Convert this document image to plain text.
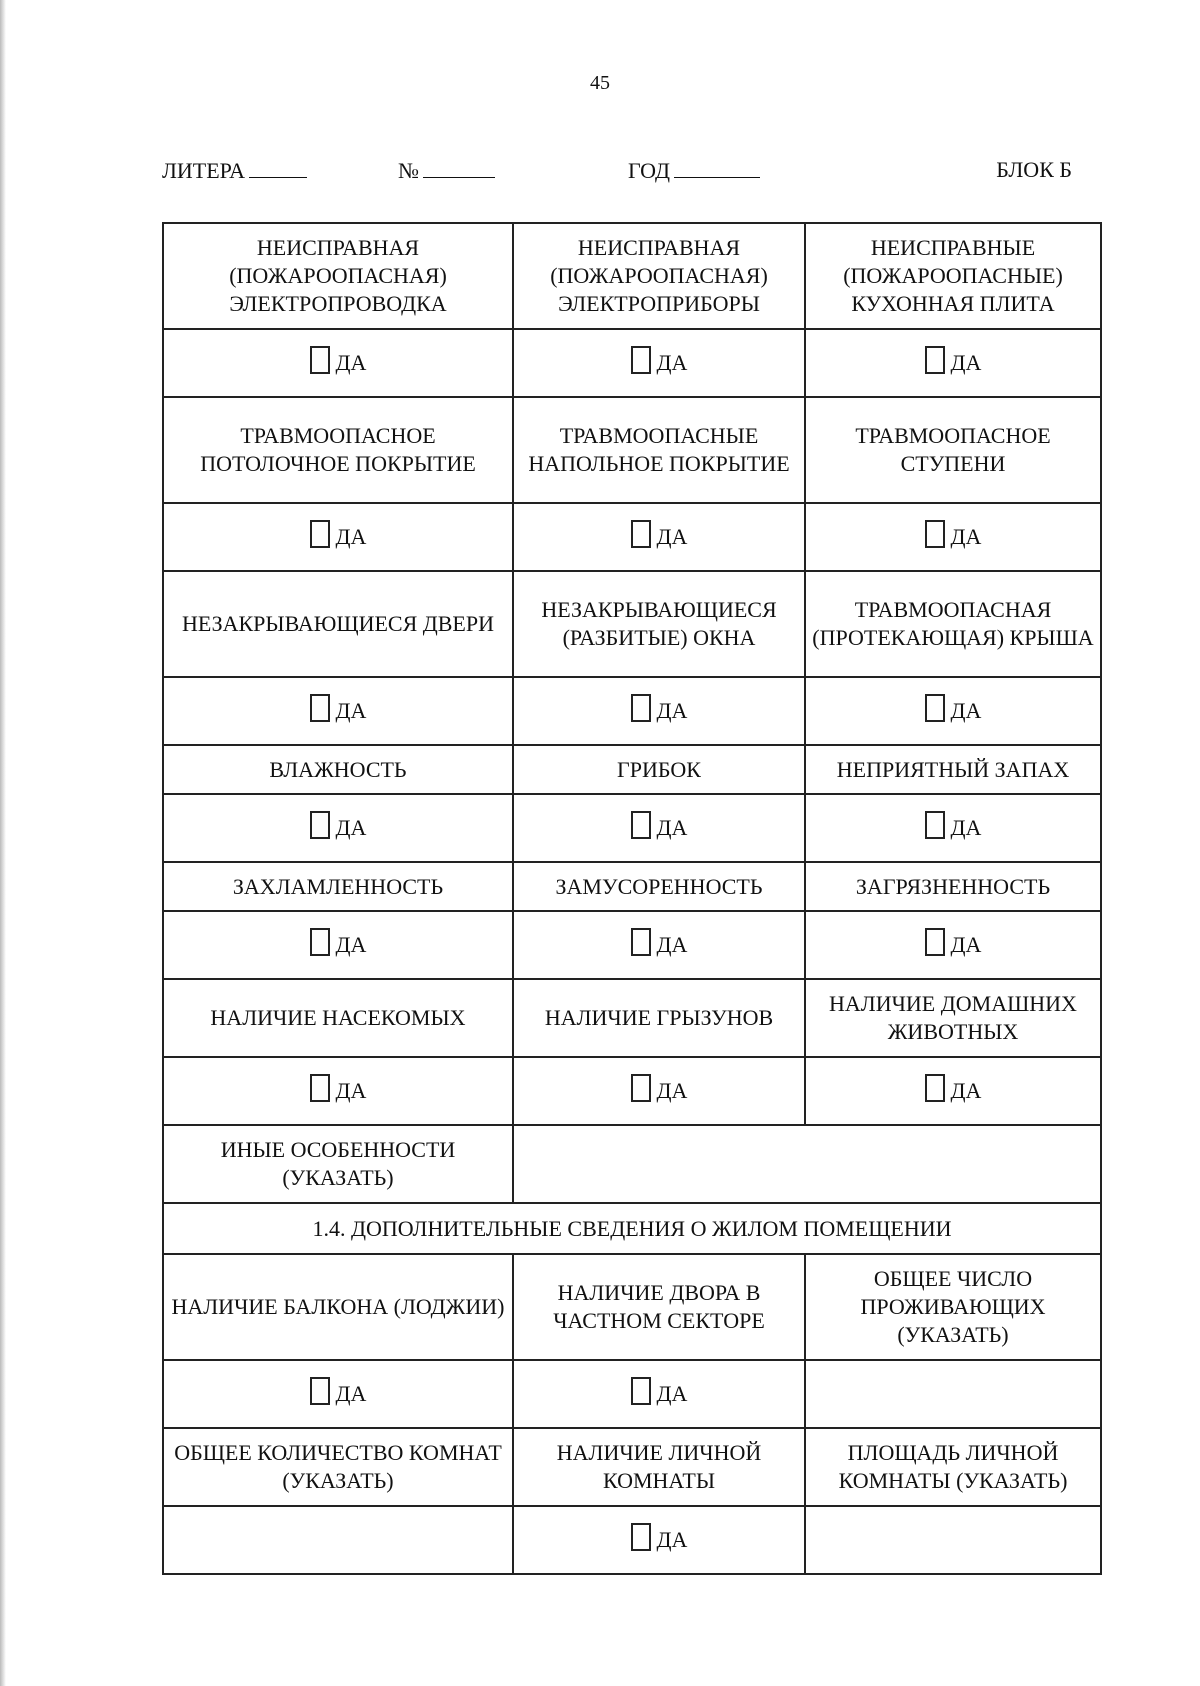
45
ЛИТЕРА	№	ГОД	БЛОК Б
НЕИСПРАВНАЯ (ПОЖАРООПАСНАЯ) ЭЛЕКТРОПРОВОДКА	НЕИСПРАВНАЯ (ПОЖАРООПАСНАЯ) ЭЛЕКТРОПРИБОРЫ	НЕИСПРАВНЫЕ (ПОЖАРООПАСНЫЕ) КУХОННАЯ ПЛИТА

ДА	ДА	ДА

ТРАВМООПАСНОЕ ПОТОЛОЧНОЕ ПОКРЫТИЕ	ТРАВМООПАСНЫЕ НАПОЛЬНОЕ ПОКРЫТИЕ	ТРАВМООПАСНОЕ СТУПЕНИ

ДА	ДА	ДА

НЕЗАКРЫВАЮЩИЕСЯ ДВЕРИ	НЕЗАКРЫВАЮЩИЕСЯ (РАЗБИТЫЕ) ОКНА	ТРАВМООПАСНАЯ (ПРОТЕКАЮЩАЯ) КРЫША

ДА	ДА	ДА

ВЛАЖНОСТЬ	ГРИБОК	НЕПРИЯТНЫЙ ЗАПАХ

ДА	ДА	ДА

ЗАХЛАМЛЕННОСТЬ	ЗАМУСОРЕННОСТЬ	ЗАГРЯЗНЕННОСТЬ

ДА	ДА	ДА

НАЛИЧИЕ НАСЕКОМЫХ	НАЛИЧИЕ ГРЫЗУНОВ	НАЛИЧИЕ ДОМАШНИХ ЖИВОТНЫХ

ДА	ДА	ДА

ИНЫЕ ОСОБЕННОСТИ (УКАЗАТЬ)		
1.4. ДОПОЛНИТЕЛЬНЫЕ СВЕДЕНИЯ О ЖИЛОМ ПОМЕЩЕНИИ		
НАЛИЧИЕ БАЛКОНА (ЛОДЖИИ)	НАЛИЧИЕ ДВОРА В ЧАСТНОМ СЕКТОРЕ	ОБЩЕЕ ЧИСЛО ПРОЖИВАЮЩИХ (УКАЗАТЬ)

ДА	ДА	

ОБЩЕЕ КОЛИЧЕСТВО КОМНАТ (УКАЗАТЬ)	НАЛИЧИЕ ЛИЧНОЙ КОМНАТЫ	ПЛОЩАДЬ ЛИЧНОЙ КОМНАТЫ (УКАЗАТЬ)

	ДА	
